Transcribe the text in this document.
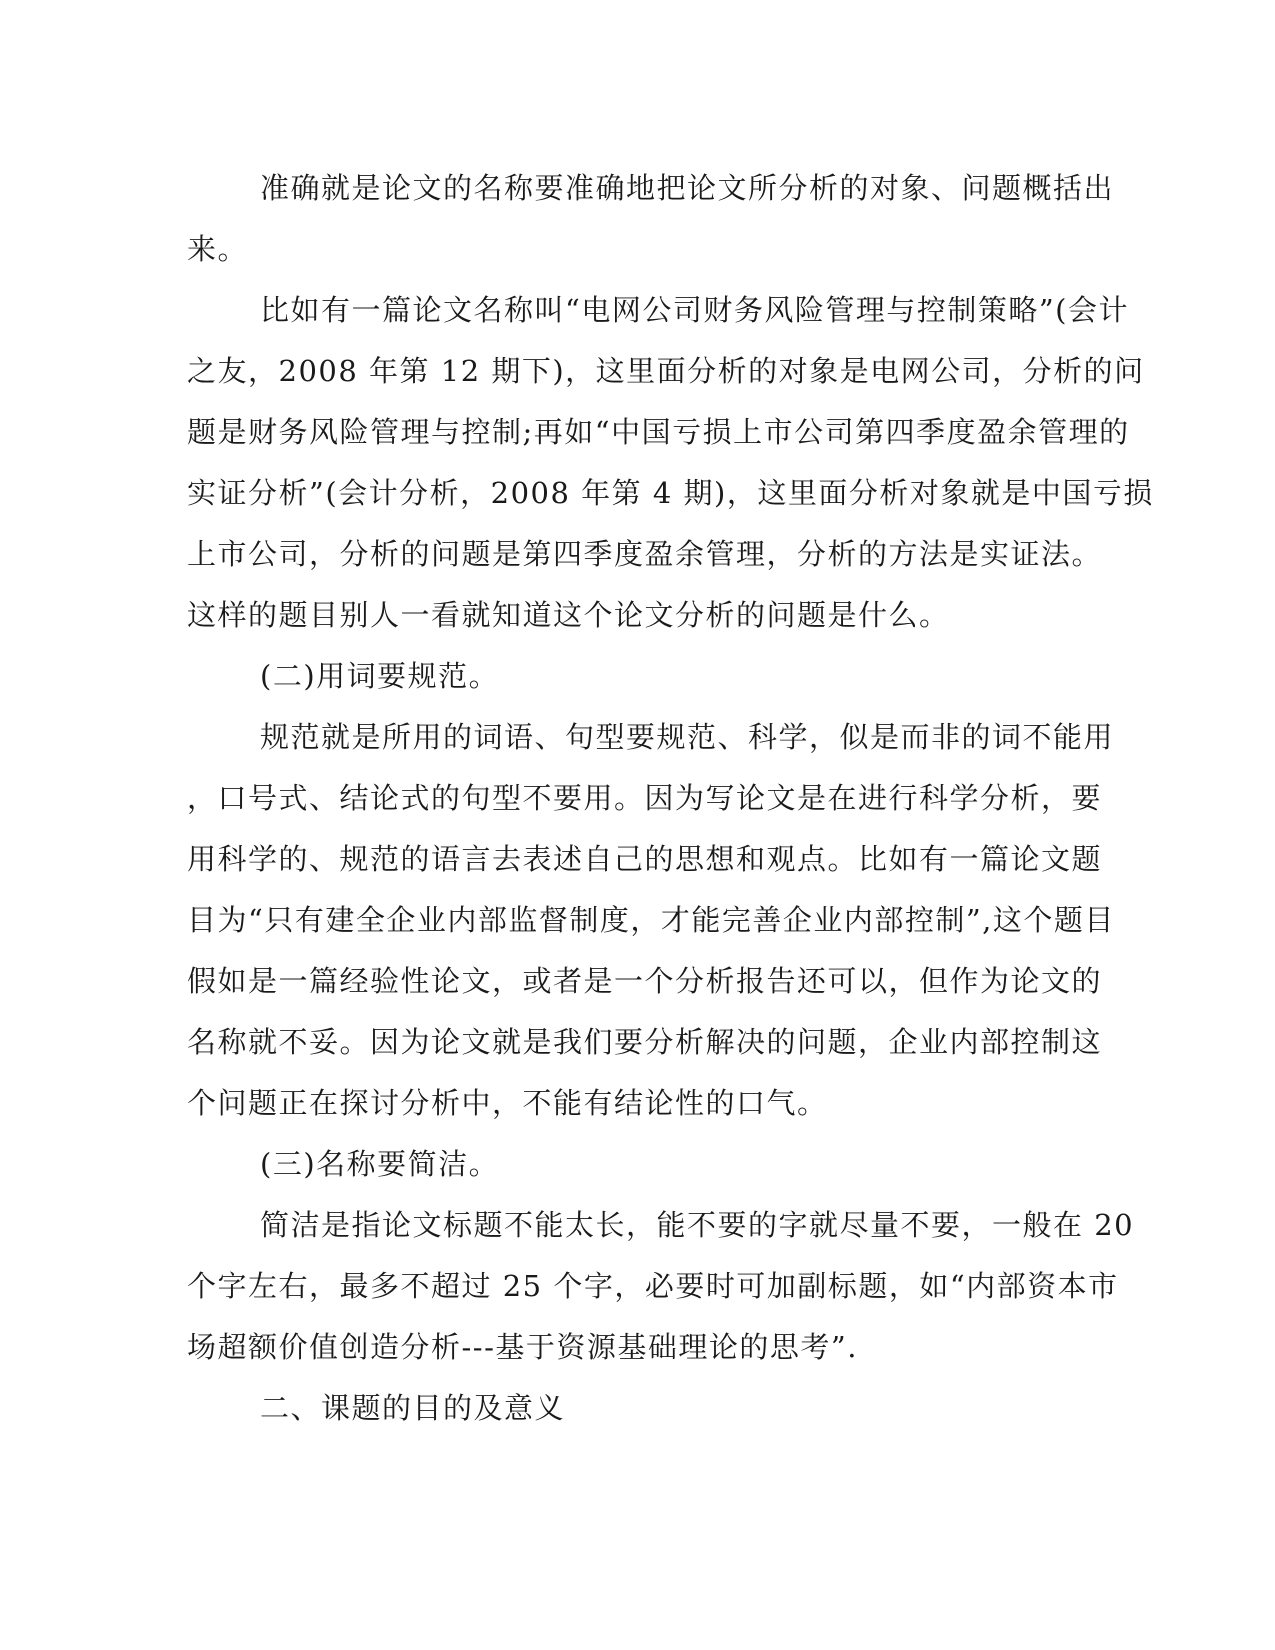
准确就是论文的名称要准确地把论文所分析的对象、问题概括出
来。
比如有一篇论文名称叫“电网公司财务风险管理与控制策略”(会计
之友，2008 年第 12 期下)，这里面分析的对象是电网公司，分析的问
题是财务风险管理与控制;再如“中国亏损上市公司第四季度盈余管理的
实证分析”(会计分析，2008 年第 4 期)，这里面分析对象就是中国亏损
上市公司，分析的问题是第四季度盈余管理，分析的方法是实证法。
这样的题目别人一看就知道这个论文分析的问题是什么。
(二)用词要规范。
规范就是所用的词语、句型要规范、科学，似是而非的词不能用
，口号式、结论式的句型不要用。因为写论文是在进行科学分析，要
用科学的、规范的语言去表述自己的思想和观点。比如有一篇论文题
目为“只有建全企业内部监督制度，才能完善企业内部控制”,这个题目
假如是一篇经验性论文，或者是一个分析报告还可以，但作为论文的
名称就不妥。因为论文就是我们要分析解决的问题，企业内部控制这
个问题正在探讨分析中，不能有结论性的口气。
(三)名称要简洁。
简洁是指论文标题不能太长，能不要的字就尽量不要，一般在 20
个字左右，最多不超过 25 个字，必要时可加副标题，如“内部资本市
场超额价值创造分析---基于资源基础理论的思考”.
二、课题的目的及意义
